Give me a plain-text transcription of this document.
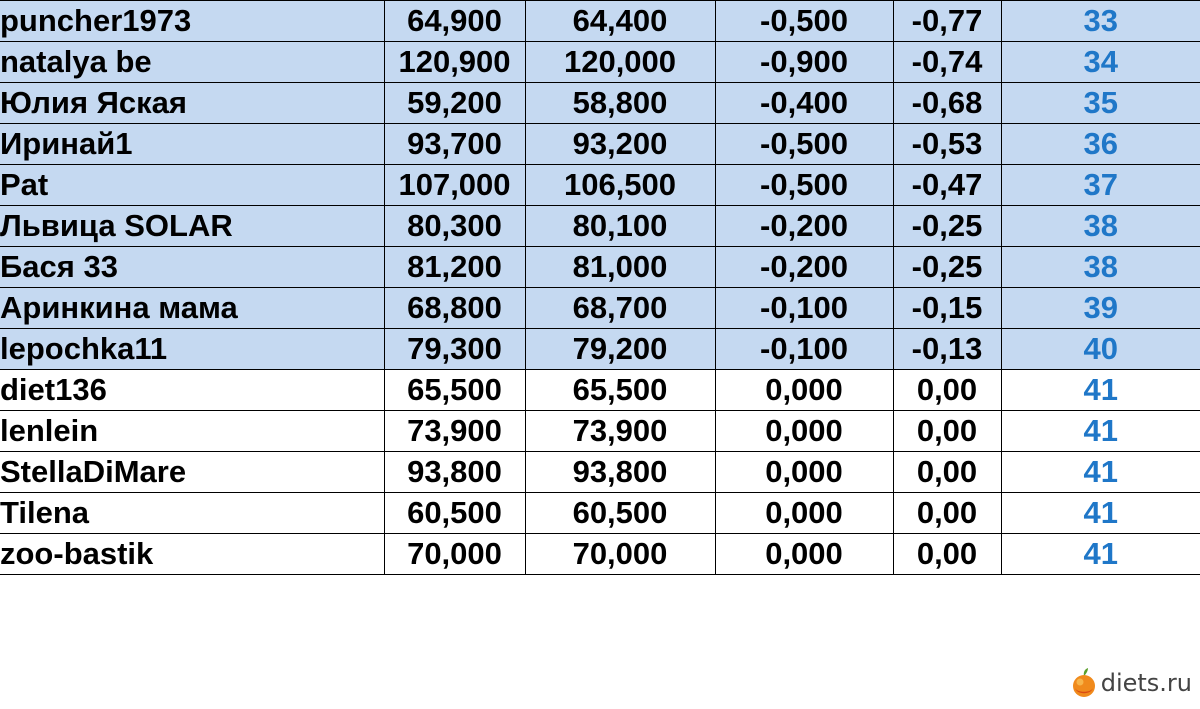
puncher1973	64,900	64,400	-0,500	-0,77	33
natalya be	120,900	120,000	-0,900	-0,74	34
Юлия Яская	59,200	58,800	-0,400	-0,68	35
Иринай1	93,700	93,200	-0,500	-0,53	36
Pat	107,000	106,500	-0,500	-0,47	37
Львица SOLAR	80,300	80,100	-0,200	-0,25	38
Бася 33	81,200	81,000	-0,200	-0,25	38
Аринкина мама	68,800	68,700	-0,100	-0,15	39
lepochka11	79,300	79,200	-0,100	-0,13	40
diet136	65,500	65,500	0,000	0,00	41
lenlein	73,900	73,900	0,000	0,00	41
StellaDiMare	93,800	93,800	0,000	0,00	41
Tilena	60,500	60,500	0,000	0,00	41
zoo-bastik	70,000	70,000	0,000	0,00	41
diets.ru
